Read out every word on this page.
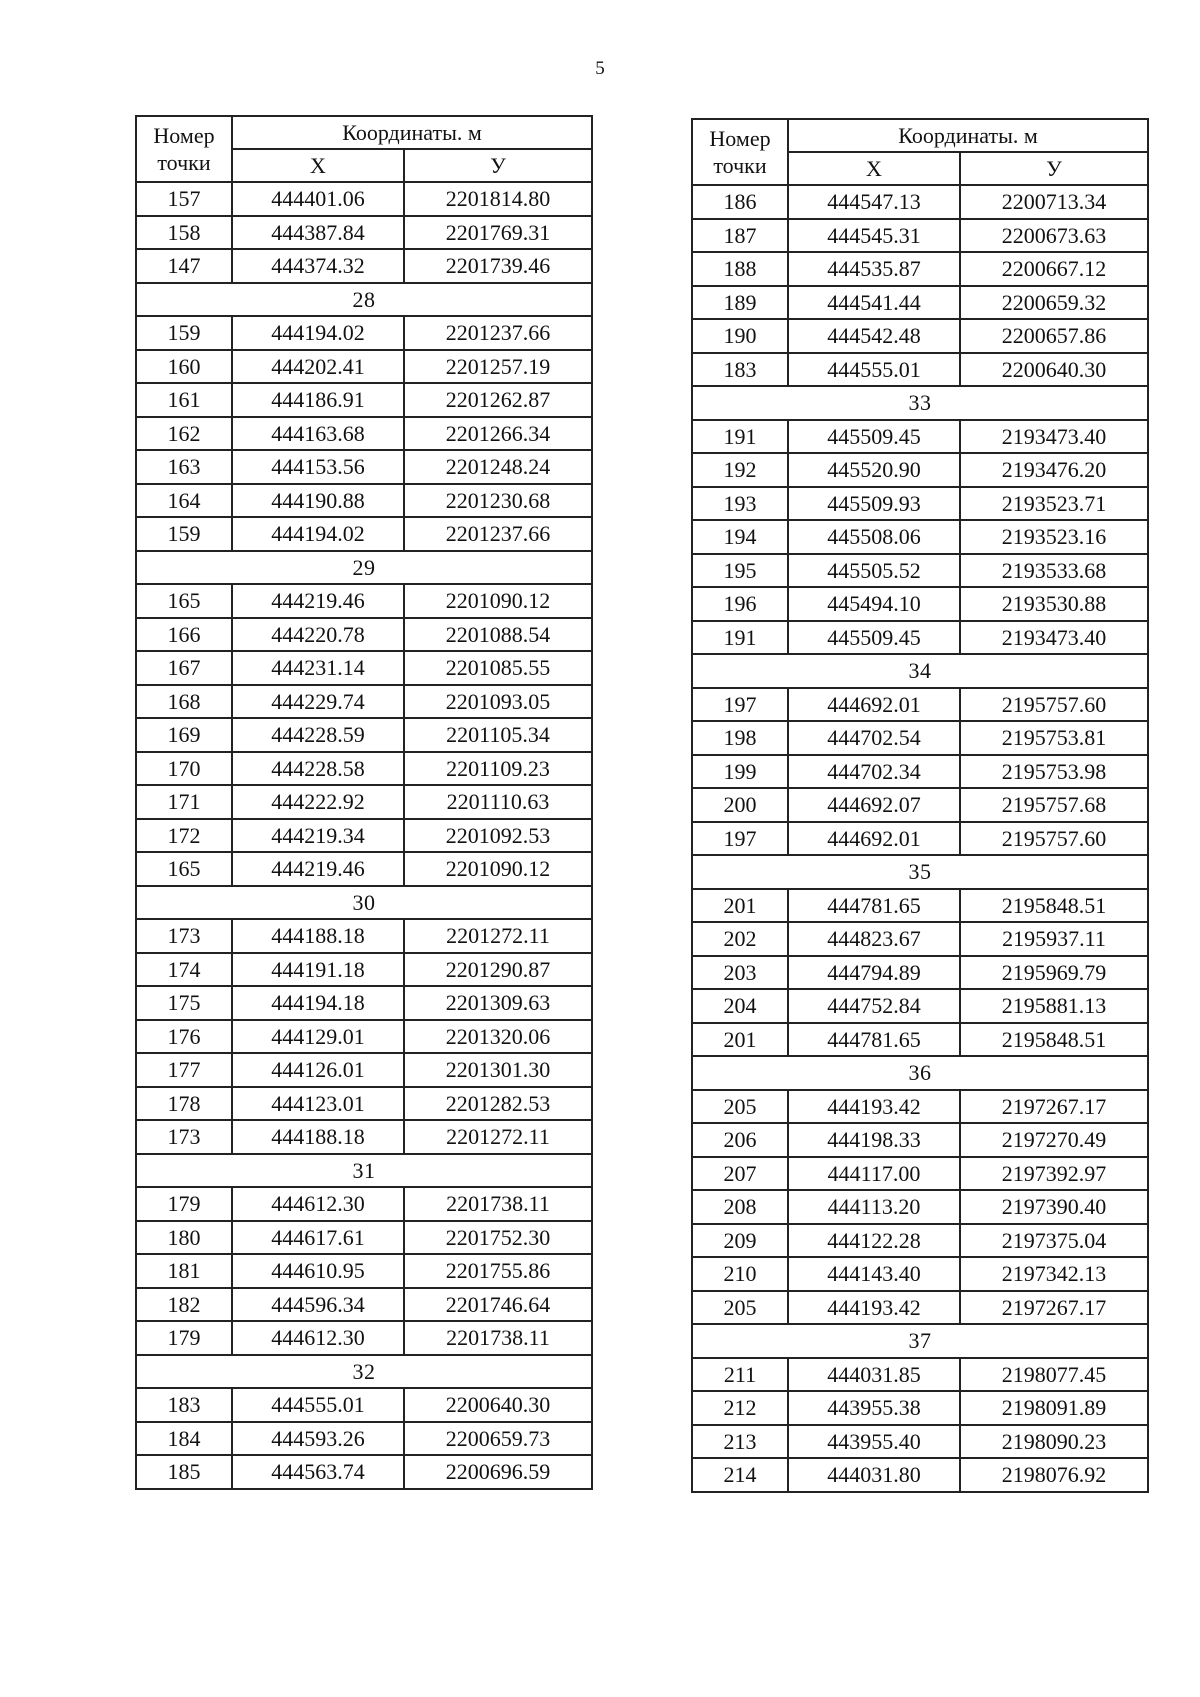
5
Номер
точки	Координаты. м	
	X	У
157	444401.06	2201814.80
158	444387.84	2201769.31
147	444374.32	2201739.46
28		
159	444194.02	2201237.66
160	444202.41	2201257.19
161	444186.91	2201262.87
162	444163.68	2201266.34
163	444153.56	2201248.24
164	444190.88	2201230.68
159	444194.02	2201237.66
29		
165	444219.46	2201090.12
166	444220.78	2201088.54
167	444231.14	2201085.55
168	444229.74	2201093.05
169	444228.59	2201105.34
170	444228.58	2201109.23
171	444222.92	2201110.63
172	444219.34	2201092.53
165	444219.46	2201090.12
30		
173	444188.18	2201272.11
174	444191.18	2201290.87
175	444194.18	2201309.63
176	444129.01	2201320.06
177	444126.01	2201301.30
178	444123.01	2201282.53
173	444188.18	2201272.11
31		
179	444612.30	2201738.11
180	444617.61	2201752.30
181	444610.95	2201755.86
182	444596.34	2201746.64
179	444612.30	2201738.11
32		
183	444555.01	2200640.30
184	444593.26	2200659.73
185	444563.74	2200696.59
Номер
точки	Координаты. м	
	X	У
186	444547.13	2200713.34
187	444545.31	2200673.63
188	444535.87	2200667.12
189	444541.44	2200659.32
190	444542.48	2200657.86
183	444555.01	2200640.30
33		
191	445509.45	2193473.40
192	445520.90	2193476.20
193	445509.93	2193523.71
194	445508.06	2193523.16
195	445505.52	2193533.68
196	445494.10	2193530.88
191	445509.45	2193473.40
34		
197	444692.01	2195757.60
198	444702.54	2195753.81
199	444702.34	2195753.98
200	444692.07	2195757.68
197	444692.01	2195757.60
35		
201	444781.65	2195848.51
202	444823.67	2195937.11
203	444794.89	2195969.79
204	444752.84	2195881.13
201	444781.65	2195848.51
36		
205	444193.42	2197267.17
206	444198.33	2197270.49
207	444117.00	2197392.97
208	444113.20	2197390.40
209	444122.28	2197375.04
210	444143.40	2197342.13
205	444193.42	2197267.17
37		
211	444031.85	2198077.45
212	443955.38	2198091.89
213	443955.40	2198090.23
214	444031.80	2198076.92
